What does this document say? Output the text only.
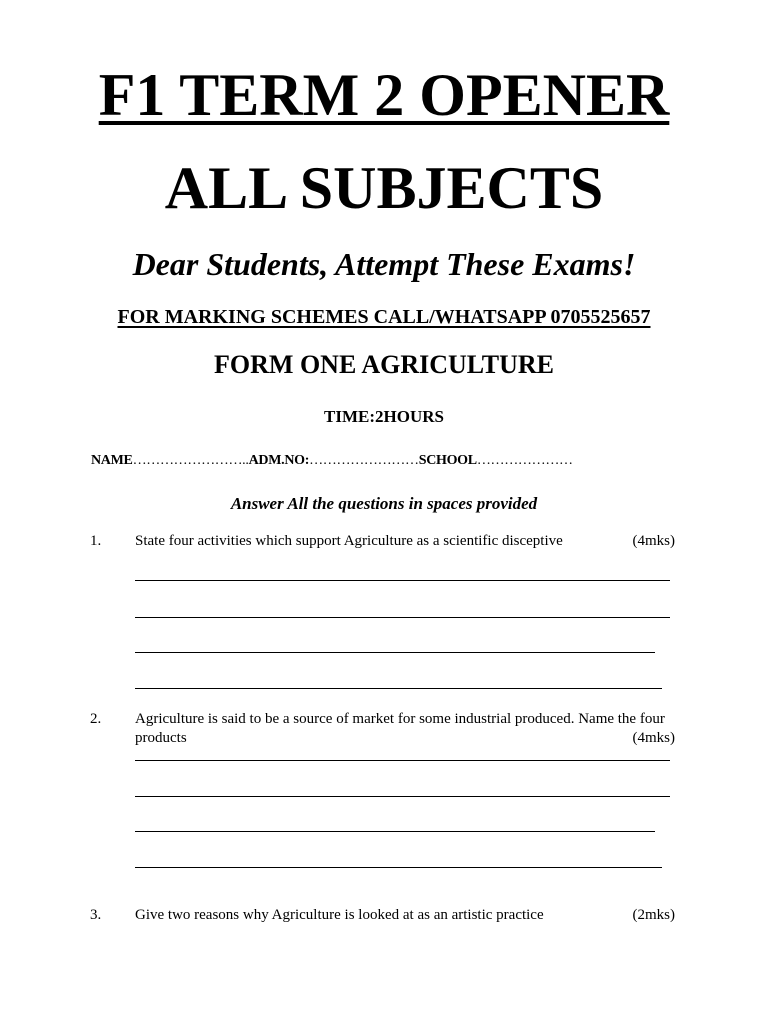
F1 TERM 2 OPENER
ALL SUBJECTS
Dear Students, Attempt These Exams!
FOR MARKING SCHEMES CALL/WHATSAPP 0705525657
FORM ONE AGRICULTURE
TIME:2HOURS
NAME……………………..ADM.NO:……………………SCHOOL…………………
Answer All the questions in spaces provided
1. State four activities which support Agriculture as a scientific disceptive	(4mks)
2. Agriculture is said to be a source of market for some industrial produced. Name the four
products	(4mks)
3. Give two reasons why Agriculture is looked at as an artistic practice	(2mks)
